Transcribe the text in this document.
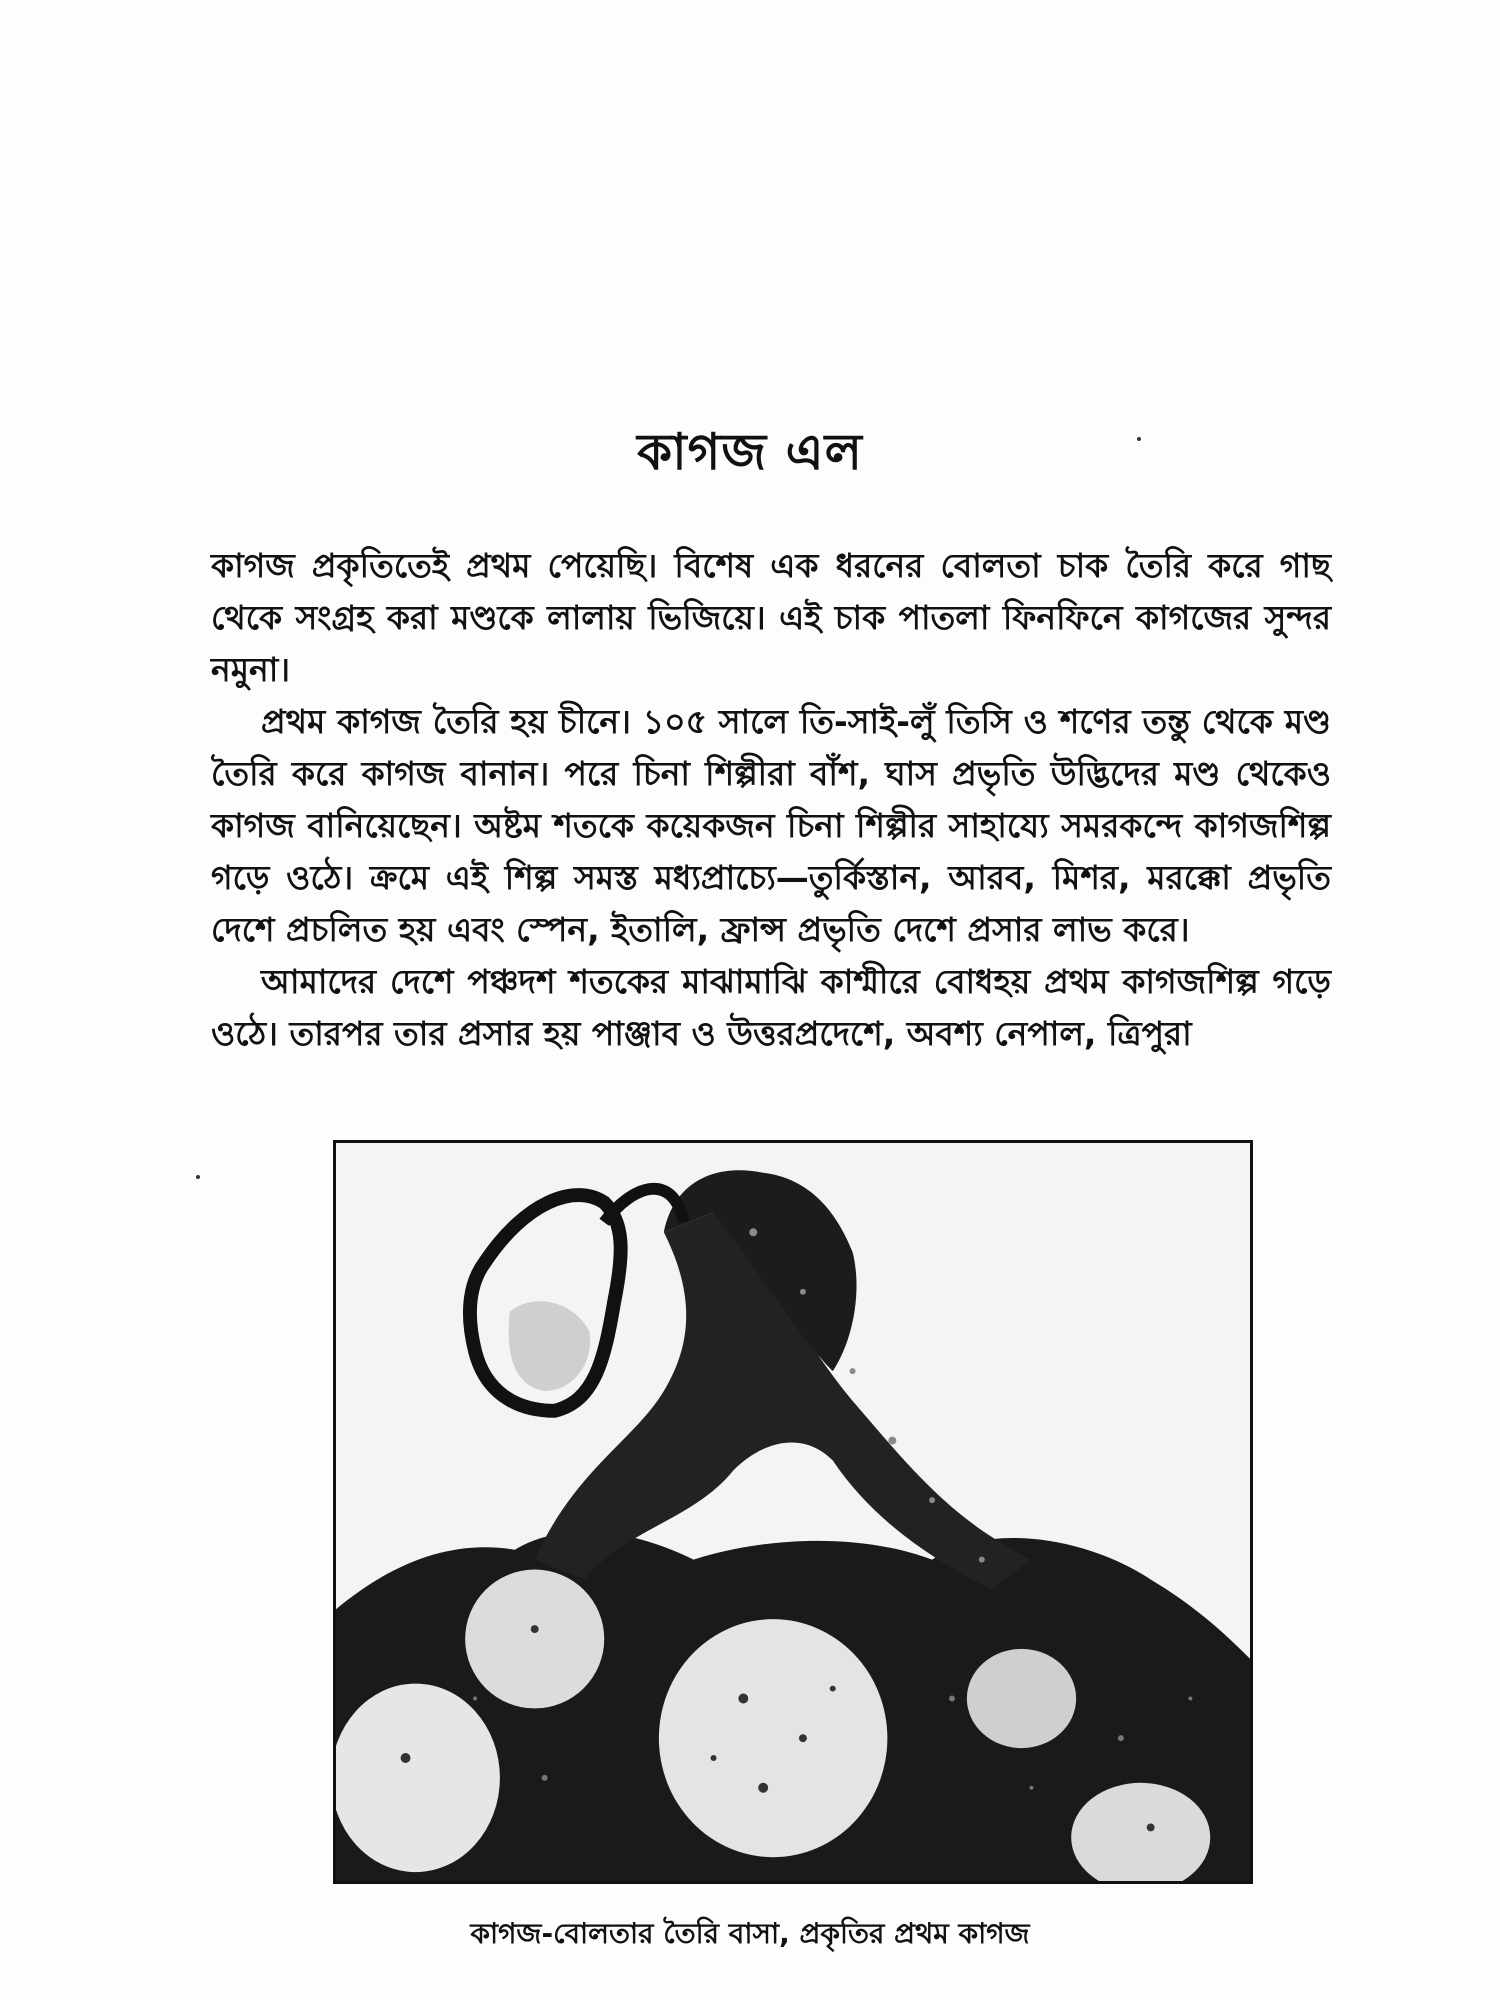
কাগজ এল

কাগজ প্রকৃতিতেই প্রথম পেয়েছি। বিশেষ এক ধরনের বোলতা চাক তৈরি করে গাছ থেকে সংগ্রহ করা মণ্ডকে লালায় ভিজিয়ে। এই চাক পাতলা ফিনফিনে কাগজের সুন্দর নমুনা।

প্রথম কাগজ তৈরি হয় চীনে। ১০৫ সালে তি-সাই-লুঁ তিসি ও শণের তন্তু থেকে মণ্ড তৈরি করে কাগজ বানান। পরে চিনা শিল্পীরা বাঁশ, ঘাস প্রভৃতি উদ্ভিদের মণ্ড থেকেও কাগজ বানিয়েছেন। অষ্টম শতকে কয়েকজন চিনা শিল্পীর সাহায্যে সমরকন্দে কাগজশিল্প গড়ে ওঠে। ক্রমে এই শিল্প সমস্ত মধ্যপ্রাচ্যে—তুর্কিস্তান, আরব, মিশর, মরক্কো প্রভৃতি দেশে প্রচলিত হয় এবং স্পেন, ইতালি, ফ্রান্স প্রভৃতি দেশে প্রসার লাভ করে।

আমাদের দেশে পঞ্চদশ শতকের মাঝামাঝি কাশ্মীরে বোধহয় প্রথম কাগজশিল্প গড়ে ওঠে। তারপর তার প্রসার হয় পাঞ্জাব ও উত্তরপ্রদেশে, অবশ্য নেপাল, ত্রিপুরা

কাগজ-বোলতার তৈরি বাসা, প্রকৃতির প্রথম কাগজ
